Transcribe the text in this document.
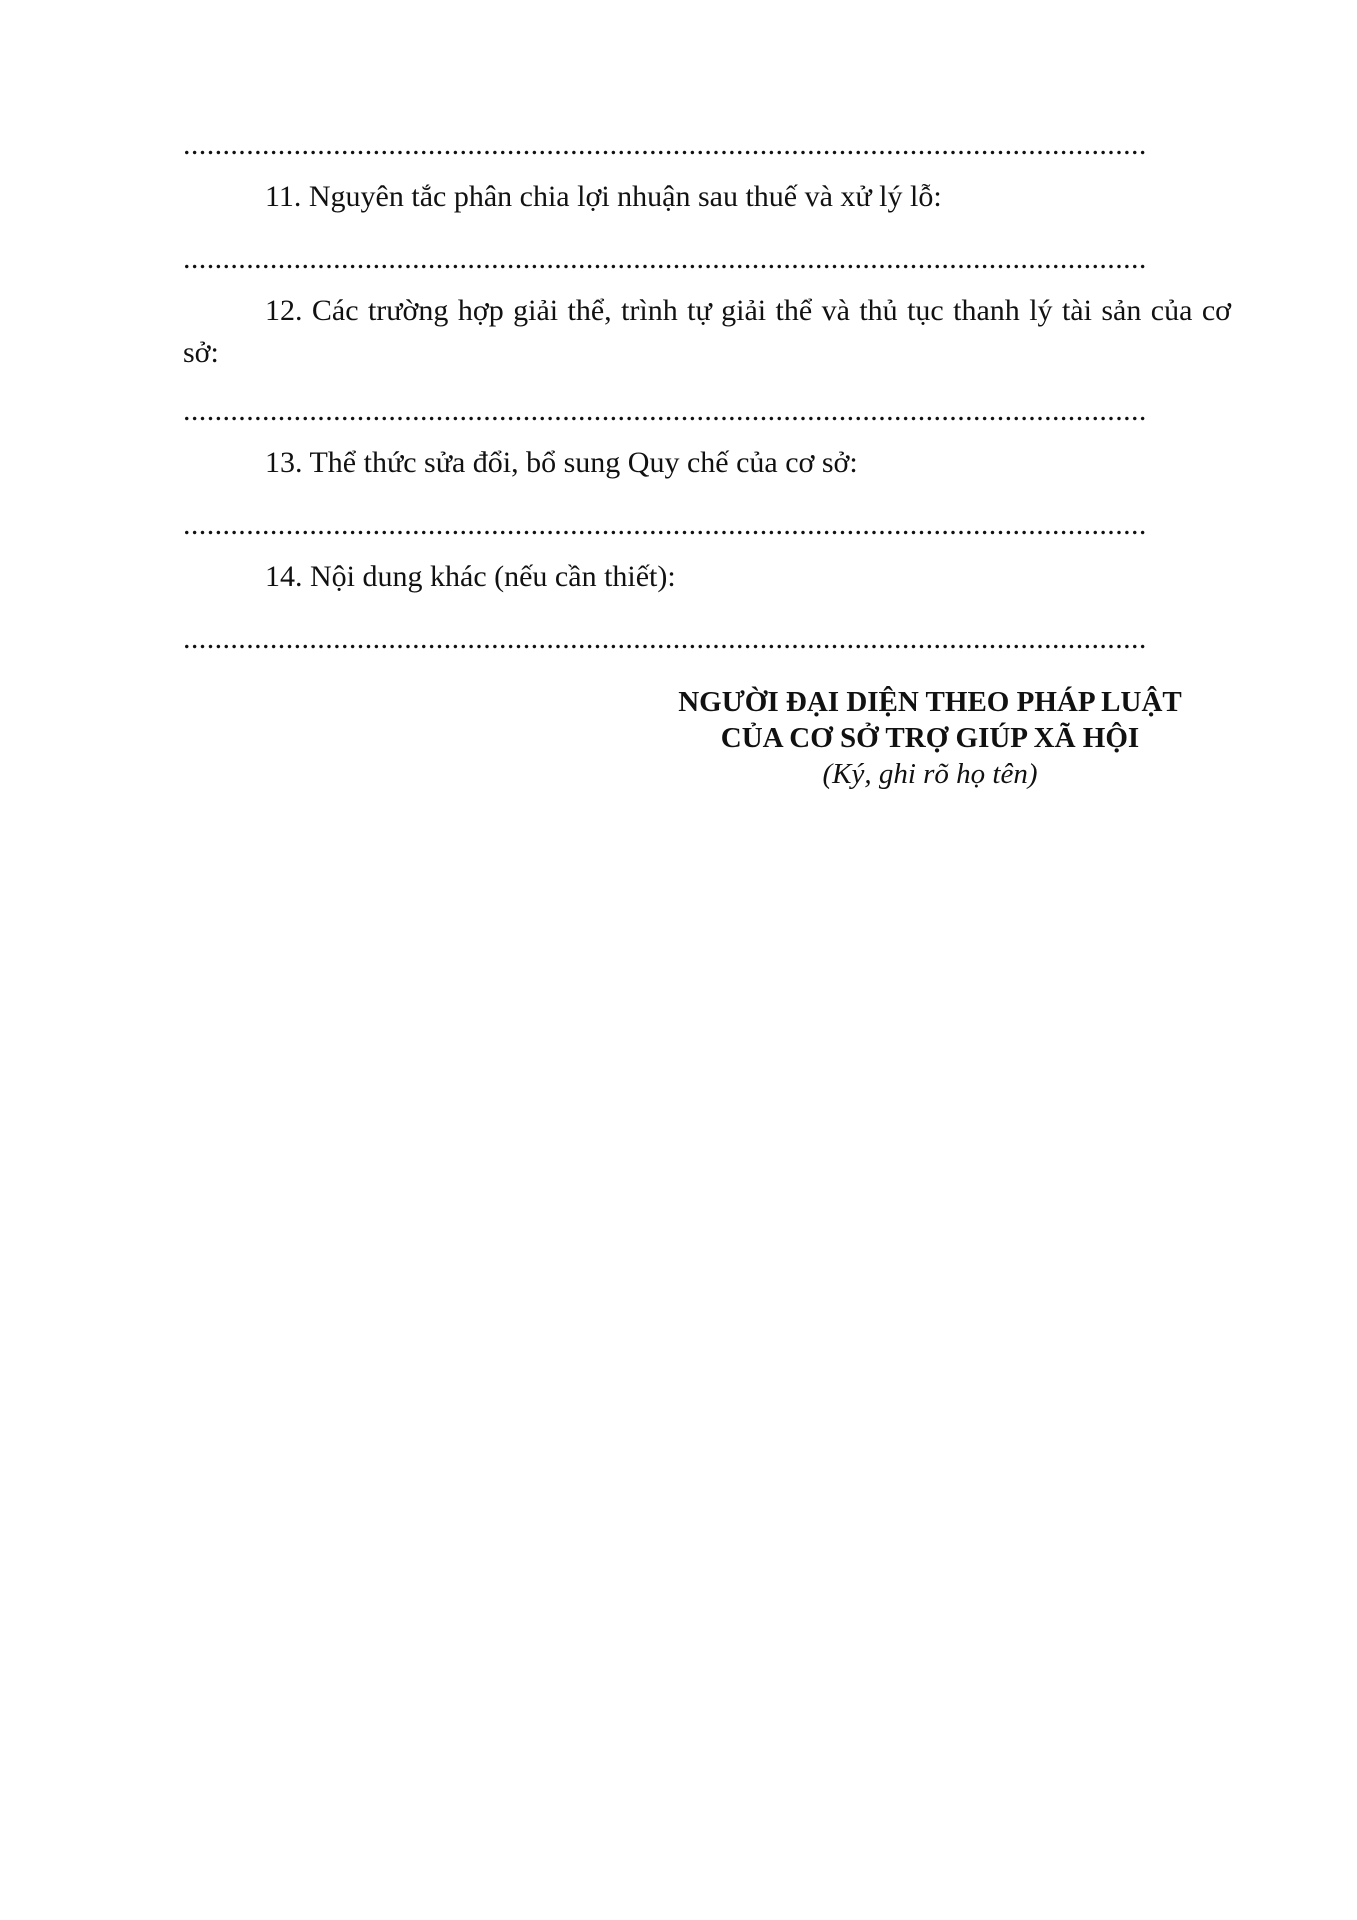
..........................................................................................................................

11. Nguyên tắc phân chia lợi nhuận sau thuế và xử lý lỗ:

..........................................................................................................................

12. Các trường hợp giải thể, trình tự giải thể và thủ tục thanh lý tài sản của cơ sở:

..........................................................................................................................

13. Thể thức sửa đổi, bổ sung Quy chế của cơ sở:

..........................................................................................................................

14. Nội dung khác (nếu cần thiết):

..........................................................................................................................

NGƯỜI ĐẠI DIỆN THEO PHÁP LUẬT

CỦA CƠ SỞ TRỢ GIÚP XÃ HỘI

(Ký, ghi rõ họ tên)
